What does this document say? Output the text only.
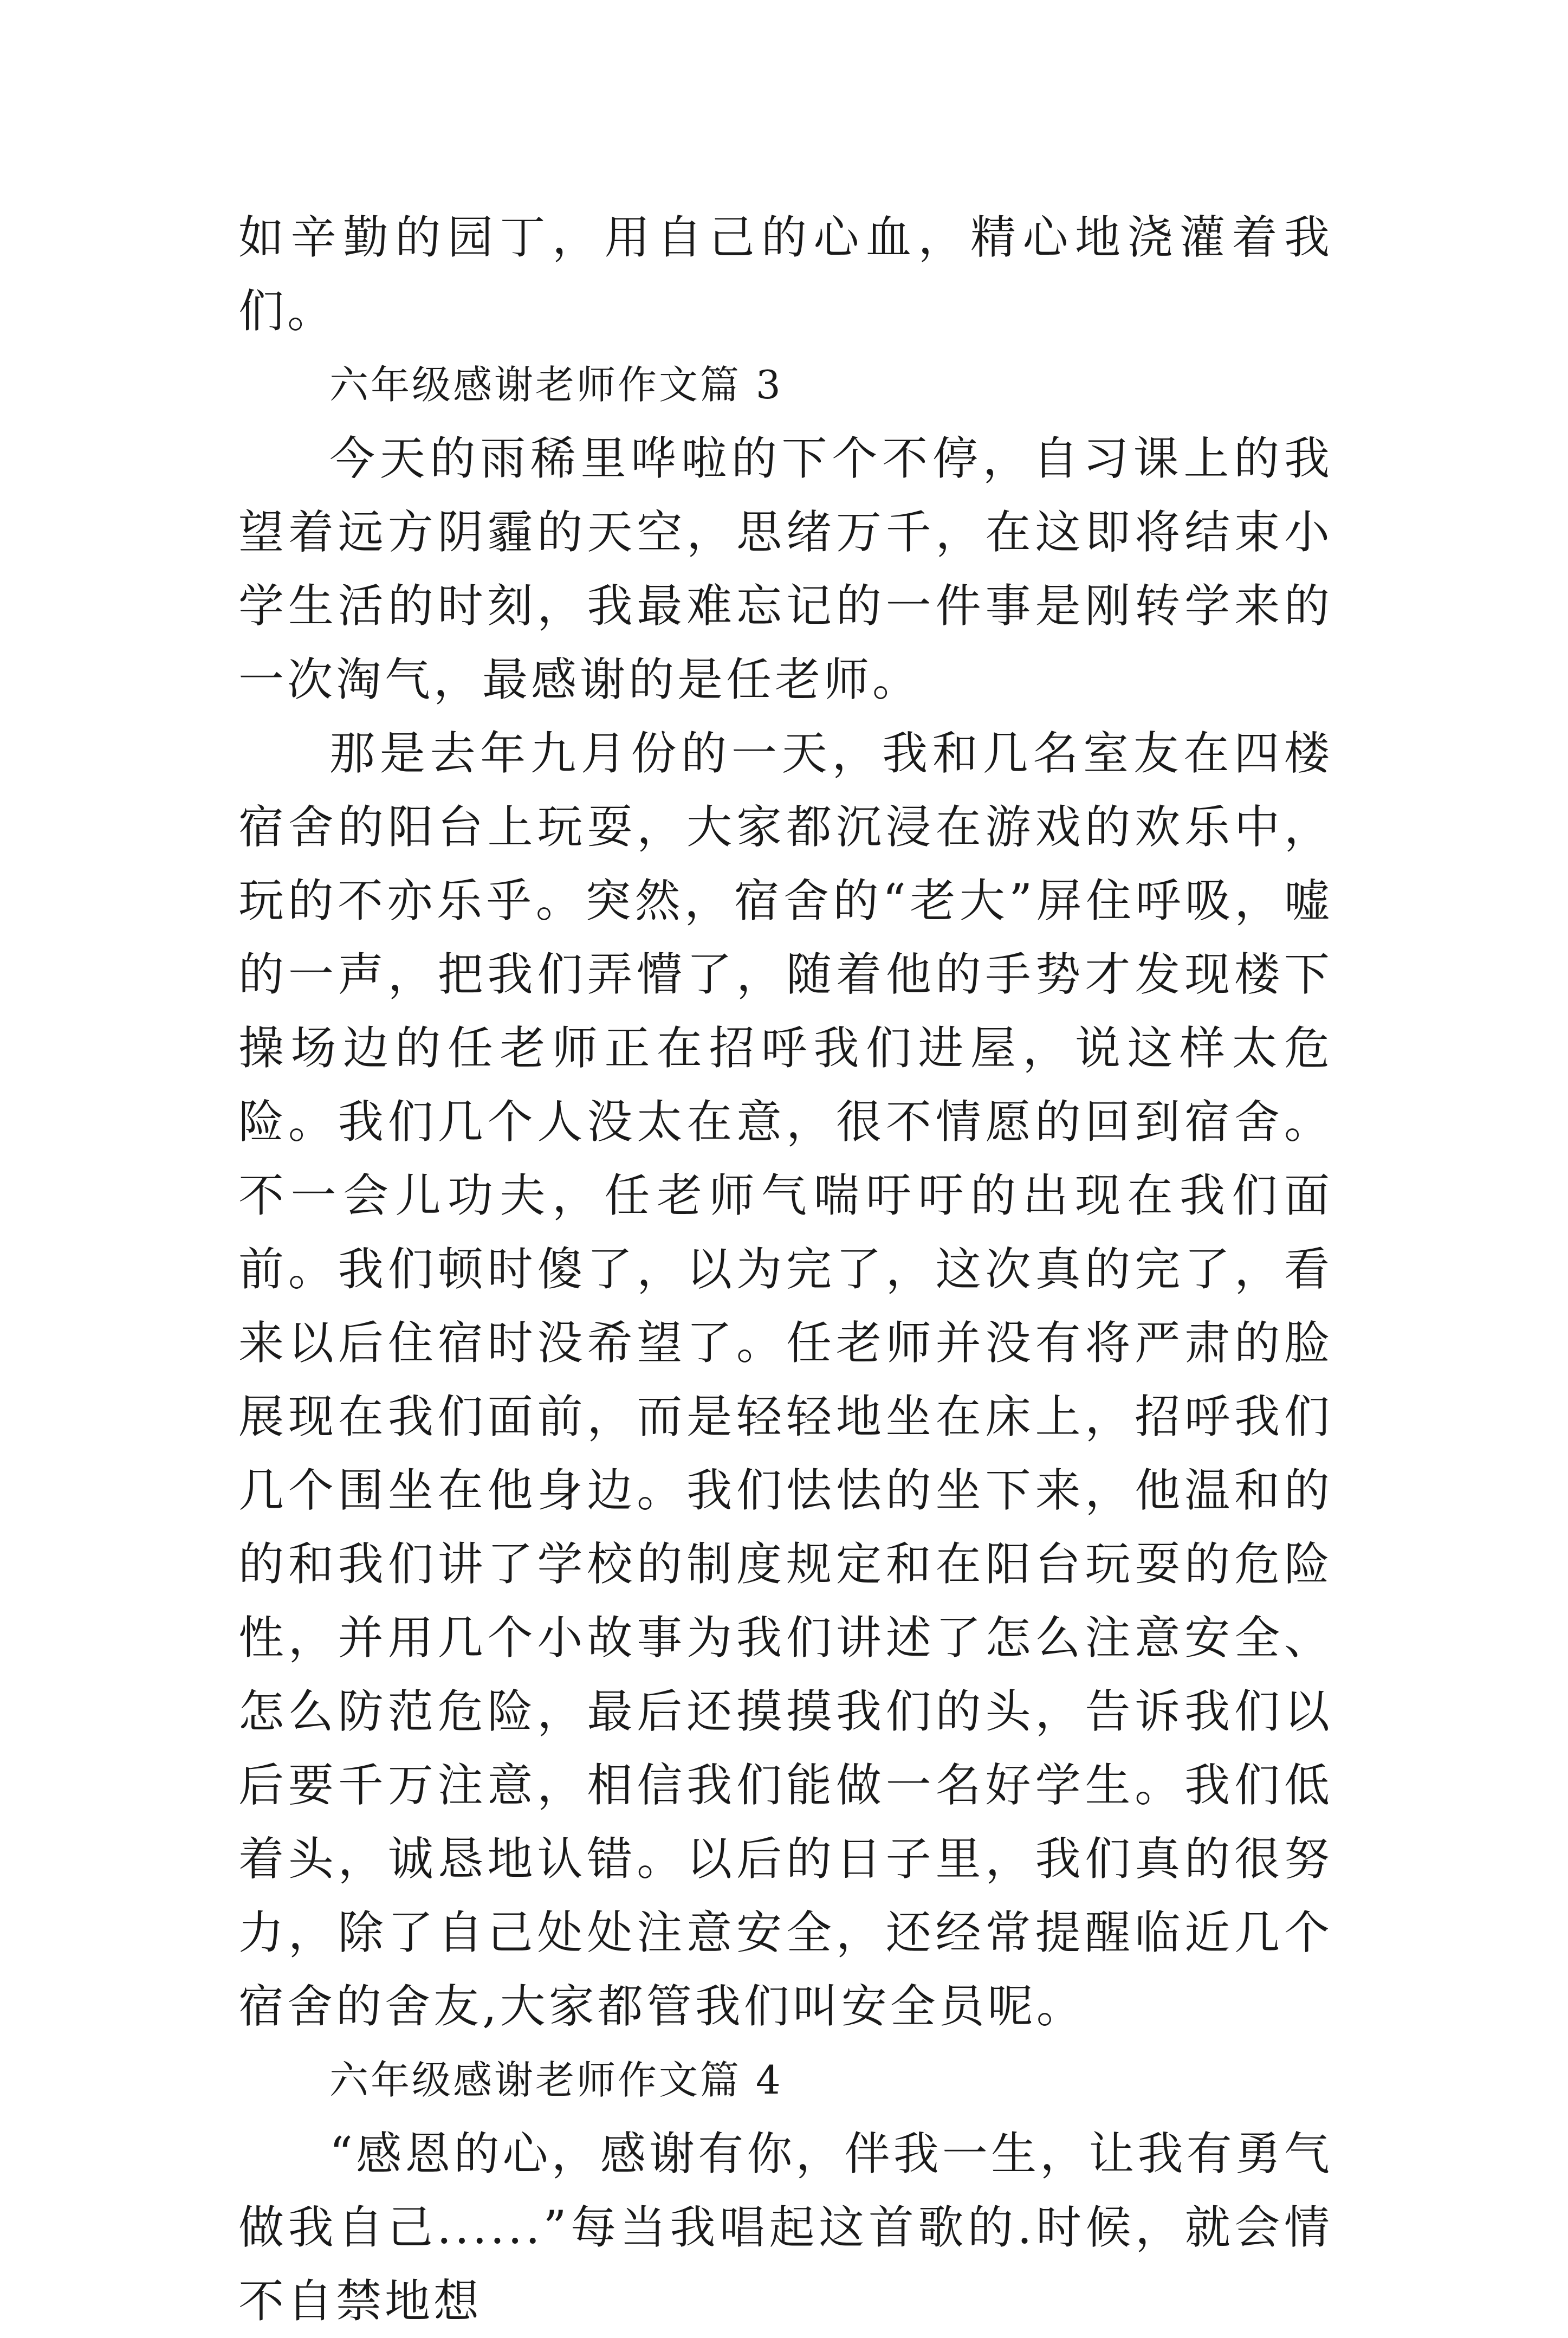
如辛勤的园丁，用自己的心血，精心地浇灌着我们。

六年级感谢老师作文篇 3

今天的雨稀里哗啦的下个不停，自习课上的我望着远方阴霾的天空，思绪万千，在这即将结束小学生活的时刻，我最难忘记的一件事是刚转学来的一次淘气，最感谢的是任老师。

那是去年九月份的一天，我和几名室友在四楼宿舍的阳台上玩耍，大家都沉浸在游戏的欢乐中，玩的不亦乐乎。突然，宿舍的“老大”屏住呼吸，嘘的一声，把我们弄懵了，随着他的手势才发现楼下操场边的任老师正在招呼我们进屋，说这样太危险。我们几个人没太在意，很不情愿的回到宿舍。不一会儿功夫，任老师气喘吁吁的出现在我们面前。我们顿时傻了，以为完了，这次真的完了，看来以后住宿时没希望了。任老师并没有将严肃的脸展现在我们面前，而是轻轻地坐在床上，招呼我们几个围坐在他身边。我们怯怯的坐下来，他温和的的和我们讲了学校的制度规定和在阳台玩耍的危险性，并用几个小故事为我们讲述了怎么注意安全、怎么防范危险，最后还摸摸我们的头，告诉我们以后要千万注意，相信我们能做一名好学生。我们低着头，诚恳地认错。以后的日子里，我们真的很努力，除了自己处处注意安全，还经常提醒临近几个宿舍的舍友,大家都管我们叫安全员呢。

六年级感谢老师作文篇 4

“感恩的心，感谢有你，伴我一生，让我有勇气做我自己......”每当我唱起这首歌的.时候，就会情不自禁地想
